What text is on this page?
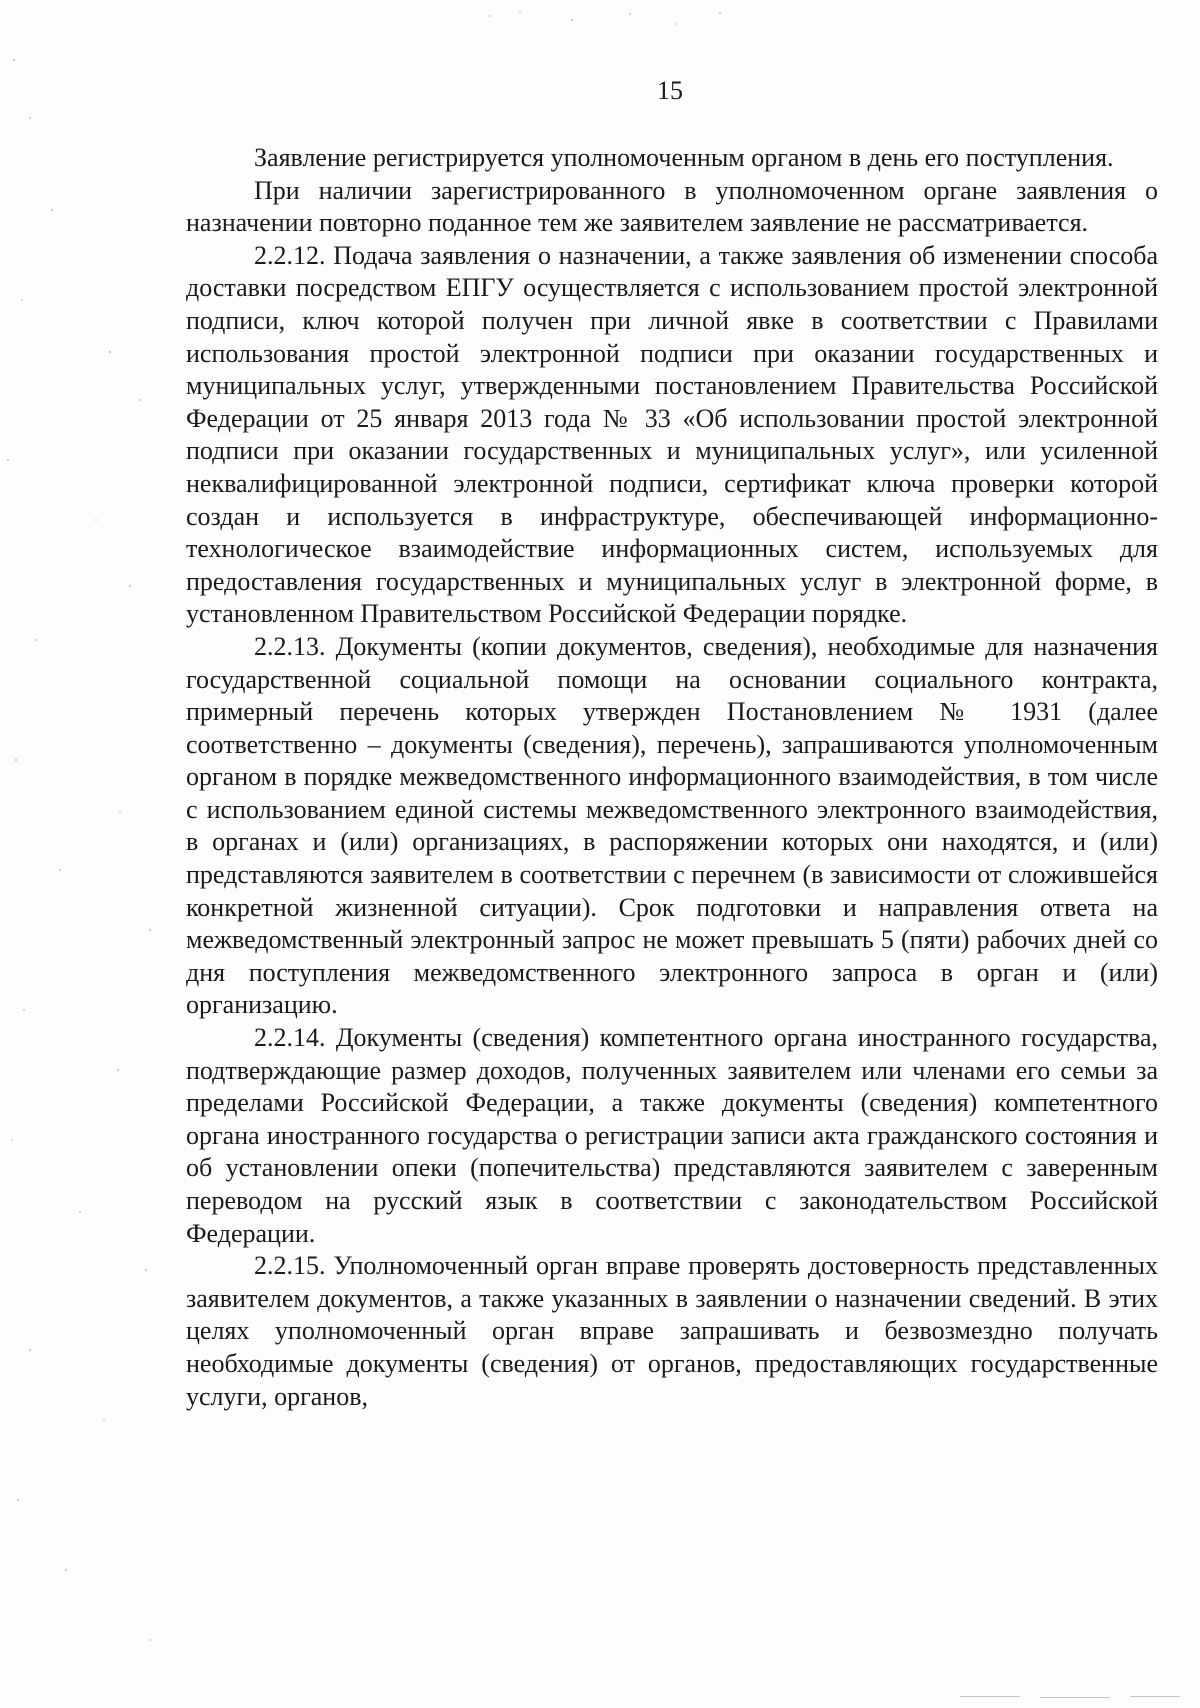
15

Заявление регистрируется уполномоченным органом в день его поступления.

При наличии зарегистрированного в уполномоченном органе заявления о назначении повторно поданное тем же заявителем заявление не рассматривается.

2.2.12. Подача заявления о назначении, а также заявления об изменении способа доставки посредством ЕПГУ осуществляется с использованием простой электронной подписи, ключ которой получен при личной явке в соответствии с Правилами использования простой электронной подписи при оказании государственных и муниципальных услуг, утвержденными постановлением Правительства Российской Федерации от 25 января 2013 года № 33 «Об использовании простой электронной подписи при оказании государственных и муниципальных услуг», или усиленной неквалифицированной электронной подписи, сертификат ключа проверки которой создан и используется в инфраструктуре, обеспечивающей информационно-технологическое взаимодействие информационных систем, используемых для предоставления государственных и муниципальных услуг в электронной форме, в установленном Правительством Российской Федерации порядке.

2.2.13. Документы (копии документов, сведения), необходимые для назначения государственной социальной помощи на основании социального контракта, примерный перечень которых утвержден Постановлением № 1931 (далее соответственно – документы (сведения), перечень), запрашиваются уполномоченным органом в порядке межведомственного информационного взаимодействия, в том числе с использованием единой системы межведомственного электронного взаимодействия, в органах и (или) организациях, в распоряжении которых они находятся, и (или) представляются заявителем в соответствии с перечнем (в зависимости от сложившейся конкретной жизненной ситуации). Срок подготовки и направления ответа на межведомственный электронный запрос не может превышать 5 (пяти) рабочих дней со дня поступления межведомственного электронного запроса в орган и (или) организацию.

2.2.14. Документы (сведения) компетентного органа иностранного государства, подтверждающие размер доходов, полученных заявителем или членами его семьи за пределами Российской Федерации, а также документы (сведения) компетентного органа иностранного государства о регистрации записи акта гражданского состояния и об установлении опеки (попечительства) представляются заявителем с заверенным переводом на русский язык в соответствии с законодательством Российской Федерации.

2.2.15. Уполномоченный орган вправе проверять достоверность представленных заявителем документов, а также указанных в заявлении о назначении сведений. В этих целях уполномоченный орган вправе запрашивать и безвозмездно получать необходимые документы (сведения) от органов, предоставляющих государственные услуги, органов,
